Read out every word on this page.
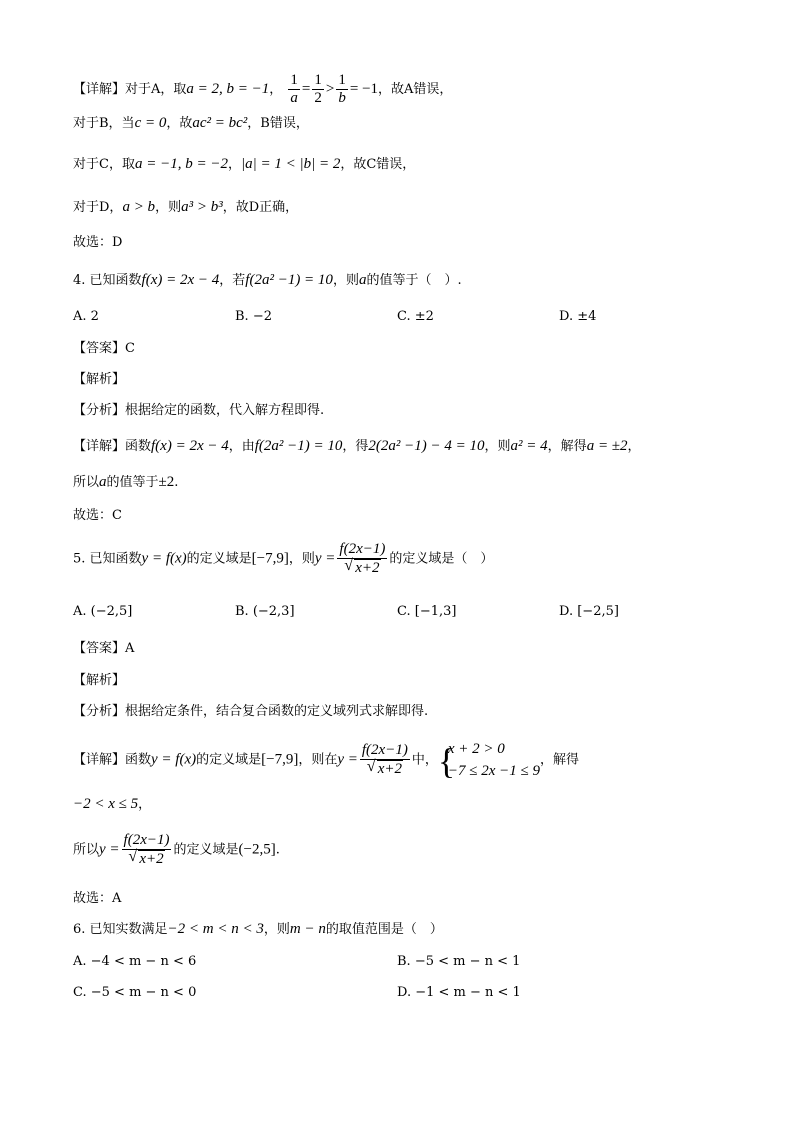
【详解】对于A，取a = 2, b = −1， $\frac{1}{a} = \frac{1}{2} > \frac{1}{b} = -1$，故A错误，
对于B，当c = 0，故ac² = bc²，B错误，
对于C，取a = −1, b = −2，|a| = 1 < |b| = 2，故C错误，
对于D，a > b，则a³ > b³，故D正确，
故选：D
4. 已知函数f(x) = 2x − 4，若f(2a² −1) = 10，则a的值等于（　）.
A. 2	B. −2	C. ±2	D. ±4
【答案】C
【解析】
【分析】根据给定的函数，代入解方程即得.
【详解】函数f(x) = 2x − 4，由f(2a² −1) = 10，得2(2a² −1) − 4 = 10，则a² = 4，解得a = ±2，
所以a的值等于±2.
故选：C
5. 已知函数y = f(x)的定义域是[−7,9]，则$y = \frac{f(2x-1)}{√ x+2}$ 的定义域是（　）
A. (−2,5]	B. (−2,3]	C. [−1,3]	D. [−2,5]
【答案】A
【解析】
【分析】根据给定条件，结合复合函数的定义域列式求解即得.
【详解】函数y = f(x)的定义域是[−7,9]，则在$y = \frac{f(2x-1)}{√ x+2}$ 中， {
x + 2 > 0
−7 ≤ 2x −1 ≤ 9
，解得
−2 < x ≤ 5，
所以$y = \frac{f(2x-1)}{√ x+2}$ 的定义域是(−2,5].
故选：A
6. 已知实数满足−2 < m < n < 3，则m − n的取值范围是（　）
A. −4 < m − n < 6	B. −5 < m − n < 1
C. −5 < m − n < 0	D. −1 < m − n < 1
